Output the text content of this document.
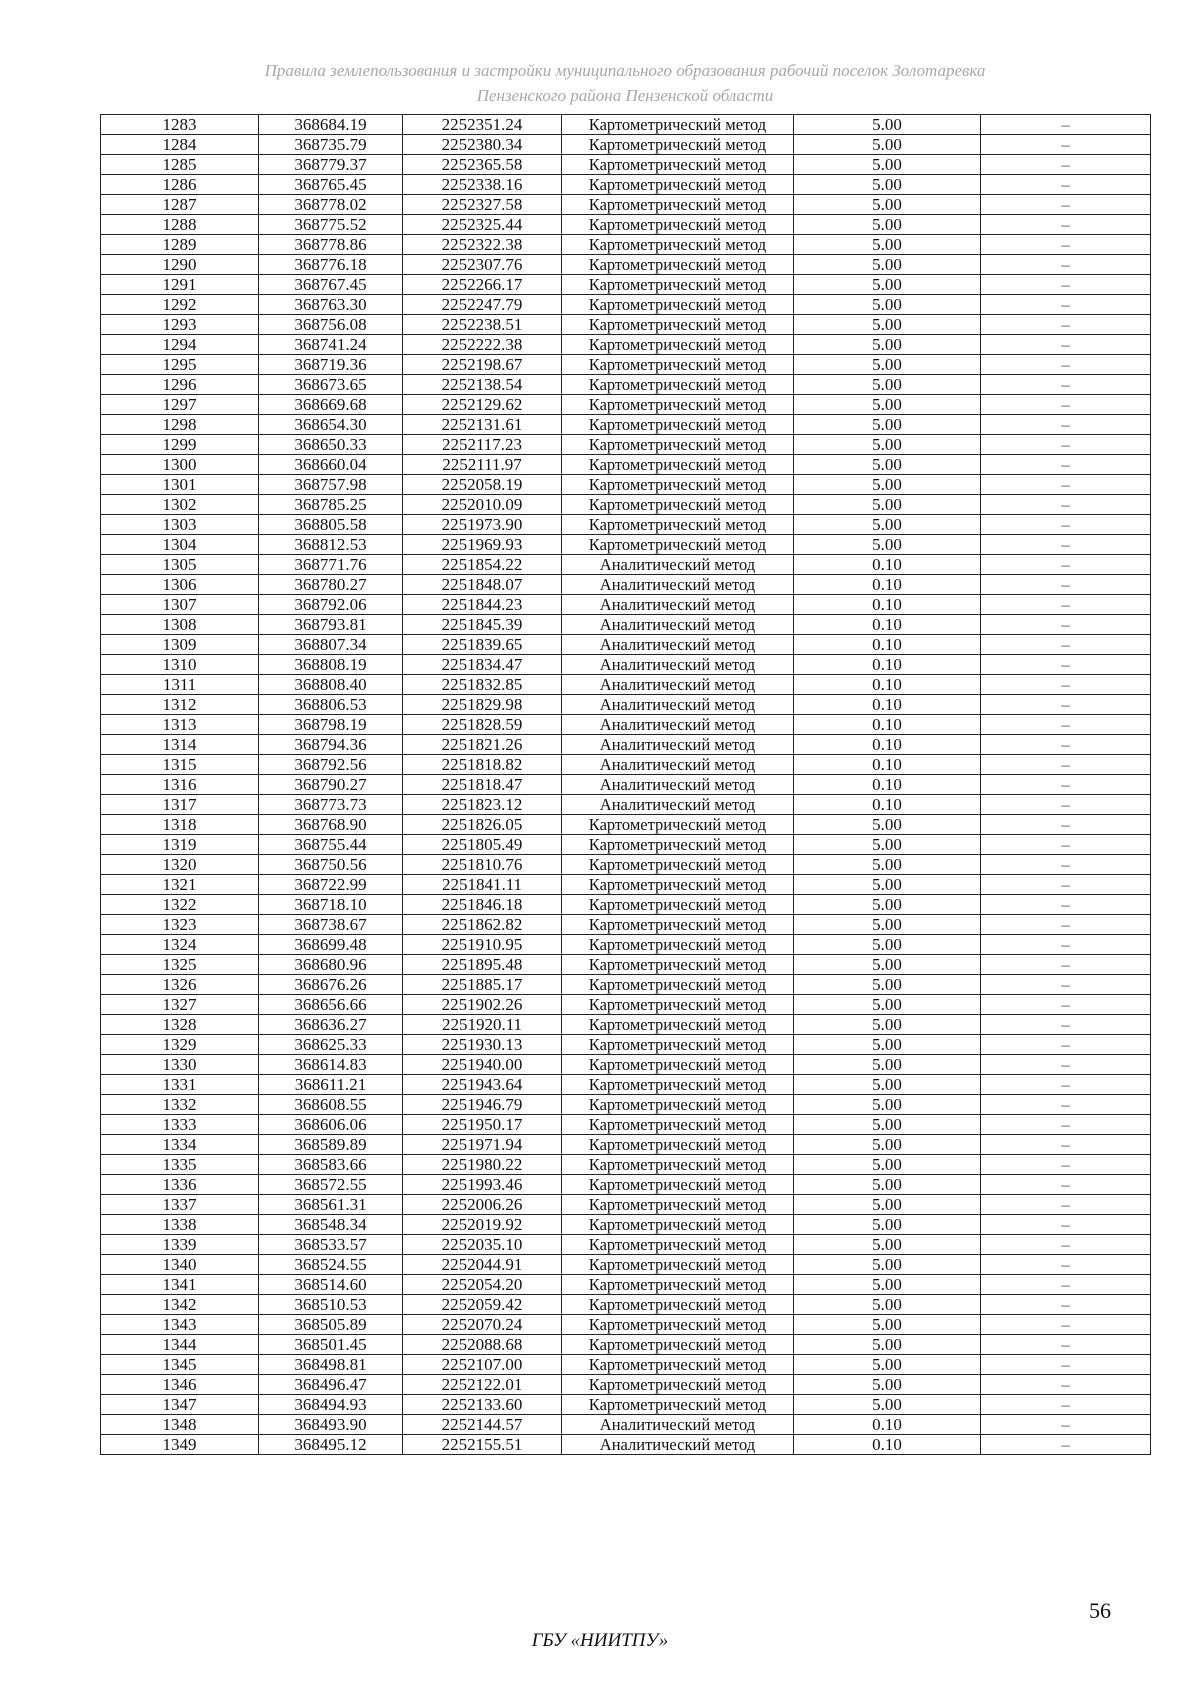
Правила землепользования и застройки муниципального образования рабочий поселок Золотаревка
Пензенского района Пензенской области
1283	368684.19	2252351.24	Картометрический метод	5.00	–
1284	368735.79	2252380.34	Картометрический метод	5.00	–
1285	368779.37	2252365.58	Картометрический метод	5.00	–
1286	368765.45	2252338.16	Картометрический метод	5.00	–
1287	368778.02	2252327.58	Картометрический метод	5.00	–
1288	368775.52	2252325.44	Картометрический метод	5.00	–
1289	368778.86	2252322.38	Картометрический метод	5.00	–
1290	368776.18	2252307.76	Картометрический метод	5.00	–
1291	368767.45	2252266.17	Картометрический метод	5.00	–
1292	368763.30	2252247.79	Картометрический метод	5.00	–
1293	368756.08	2252238.51	Картометрический метод	5.00	–
1294	368741.24	2252222.38	Картометрический метод	5.00	–
1295	368719.36	2252198.67	Картометрический метод	5.00	–
1296	368673.65	2252138.54	Картометрический метод	5.00	–
1297	368669.68	2252129.62	Картометрический метод	5.00	–
1298	368654.30	2252131.61	Картометрический метод	5.00	–
1299	368650.33	2252117.23	Картометрический метод	5.00	–
1300	368660.04	2252111.97	Картометрический метод	5.00	–
1301	368757.98	2252058.19	Картометрический метод	5.00	–
1302	368785.25	2252010.09	Картометрический метод	5.00	–
1303	368805.58	2251973.90	Картометрический метод	5.00	–
1304	368812.53	2251969.93	Картометрический метод	5.00	–
1305	368771.76	2251854.22	Аналитический метод	0.10	–
1306	368780.27	2251848.07	Аналитический метод	0.10	–
1307	368792.06	2251844.23	Аналитический метод	0.10	–
1308	368793.81	2251845.39	Аналитический метод	0.10	–
1309	368807.34	2251839.65	Аналитический метод	0.10	–
1310	368808.19	2251834.47	Аналитический метод	0.10	–
1311	368808.40	2251832.85	Аналитический метод	0.10	–
1312	368806.53	2251829.98	Аналитический метод	0.10	–
1313	368798.19	2251828.59	Аналитический метод	0.10	–
1314	368794.36	2251821.26	Аналитический метод	0.10	–
1315	368792.56	2251818.82	Аналитический метод	0.10	–
1316	368790.27	2251818.47	Аналитический метод	0.10	–
1317	368773.73	2251823.12	Аналитический метод	0.10	–
1318	368768.90	2251826.05	Картометрический метод	5.00	–
1319	368755.44	2251805.49	Картометрический метод	5.00	–
1320	368750.56	2251810.76	Картометрический метод	5.00	–
1321	368722.99	2251841.11	Картометрический метод	5.00	–
1322	368718.10	2251846.18	Картометрический метод	5.00	–
1323	368738.67	2251862.82	Картометрический метод	5.00	–
1324	368699.48	2251910.95	Картометрический метод	5.00	–
1325	368680.96	2251895.48	Картометрический метод	5.00	–
1326	368676.26	2251885.17	Картометрический метод	5.00	–
1327	368656.66	2251902.26	Картометрический метод	5.00	–
1328	368636.27	2251920.11	Картометрический метод	5.00	–
1329	368625.33	2251930.13	Картометрический метод	5.00	–
1330	368614.83	2251940.00	Картометрический метод	5.00	–
1331	368611.21	2251943.64	Картометрический метод	5.00	–
1332	368608.55	2251946.79	Картометрический метод	5.00	–
1333	368606.06	2251950.17	Картометрический метод	5.00	–
1334	368589.89	2251971.94	Картометрический метод	5.00	–
1335	368583.66	2251980.22	Картометрический метод	5.00	–
1336	368572.55	2251993.46	Картометрический метод	5.00	–
1337	368561.31	2252006.26	Картометрический метод	5.00	–
1338	368548.34	2252019.92	Картометрический метод	5.00	–
1339	368533.57	2252035.10	Картометрический метод	5.00	–
1340	368524.55	2252044.91	Картометрический метод	5.00	–
1341	368514.60	2252054.20	Картометрический метод	5.00	–
1342	368510.53	2252059.42	Картометрический метод	5.00	–
1343	368505.89	2252070.24	Картометрический метод	5.00	–
1344	368501.45	2252088.68	Картометрический метод	5.00	–
1345	368498.81	2252107.00	Картометрический метод	5.00	–
1346	368496.47	2252122.01	Картометрический метод	5.00	–
1347	368494.93	2252133.60	Картометрический метод	5.00	–
1348	368493.90	2252144.57	Аналитический метод	0.10	–
1349	368495.12	2252155.51	Аналитический метод	0.10	–
56
ГБУ «НИИТПУ»
